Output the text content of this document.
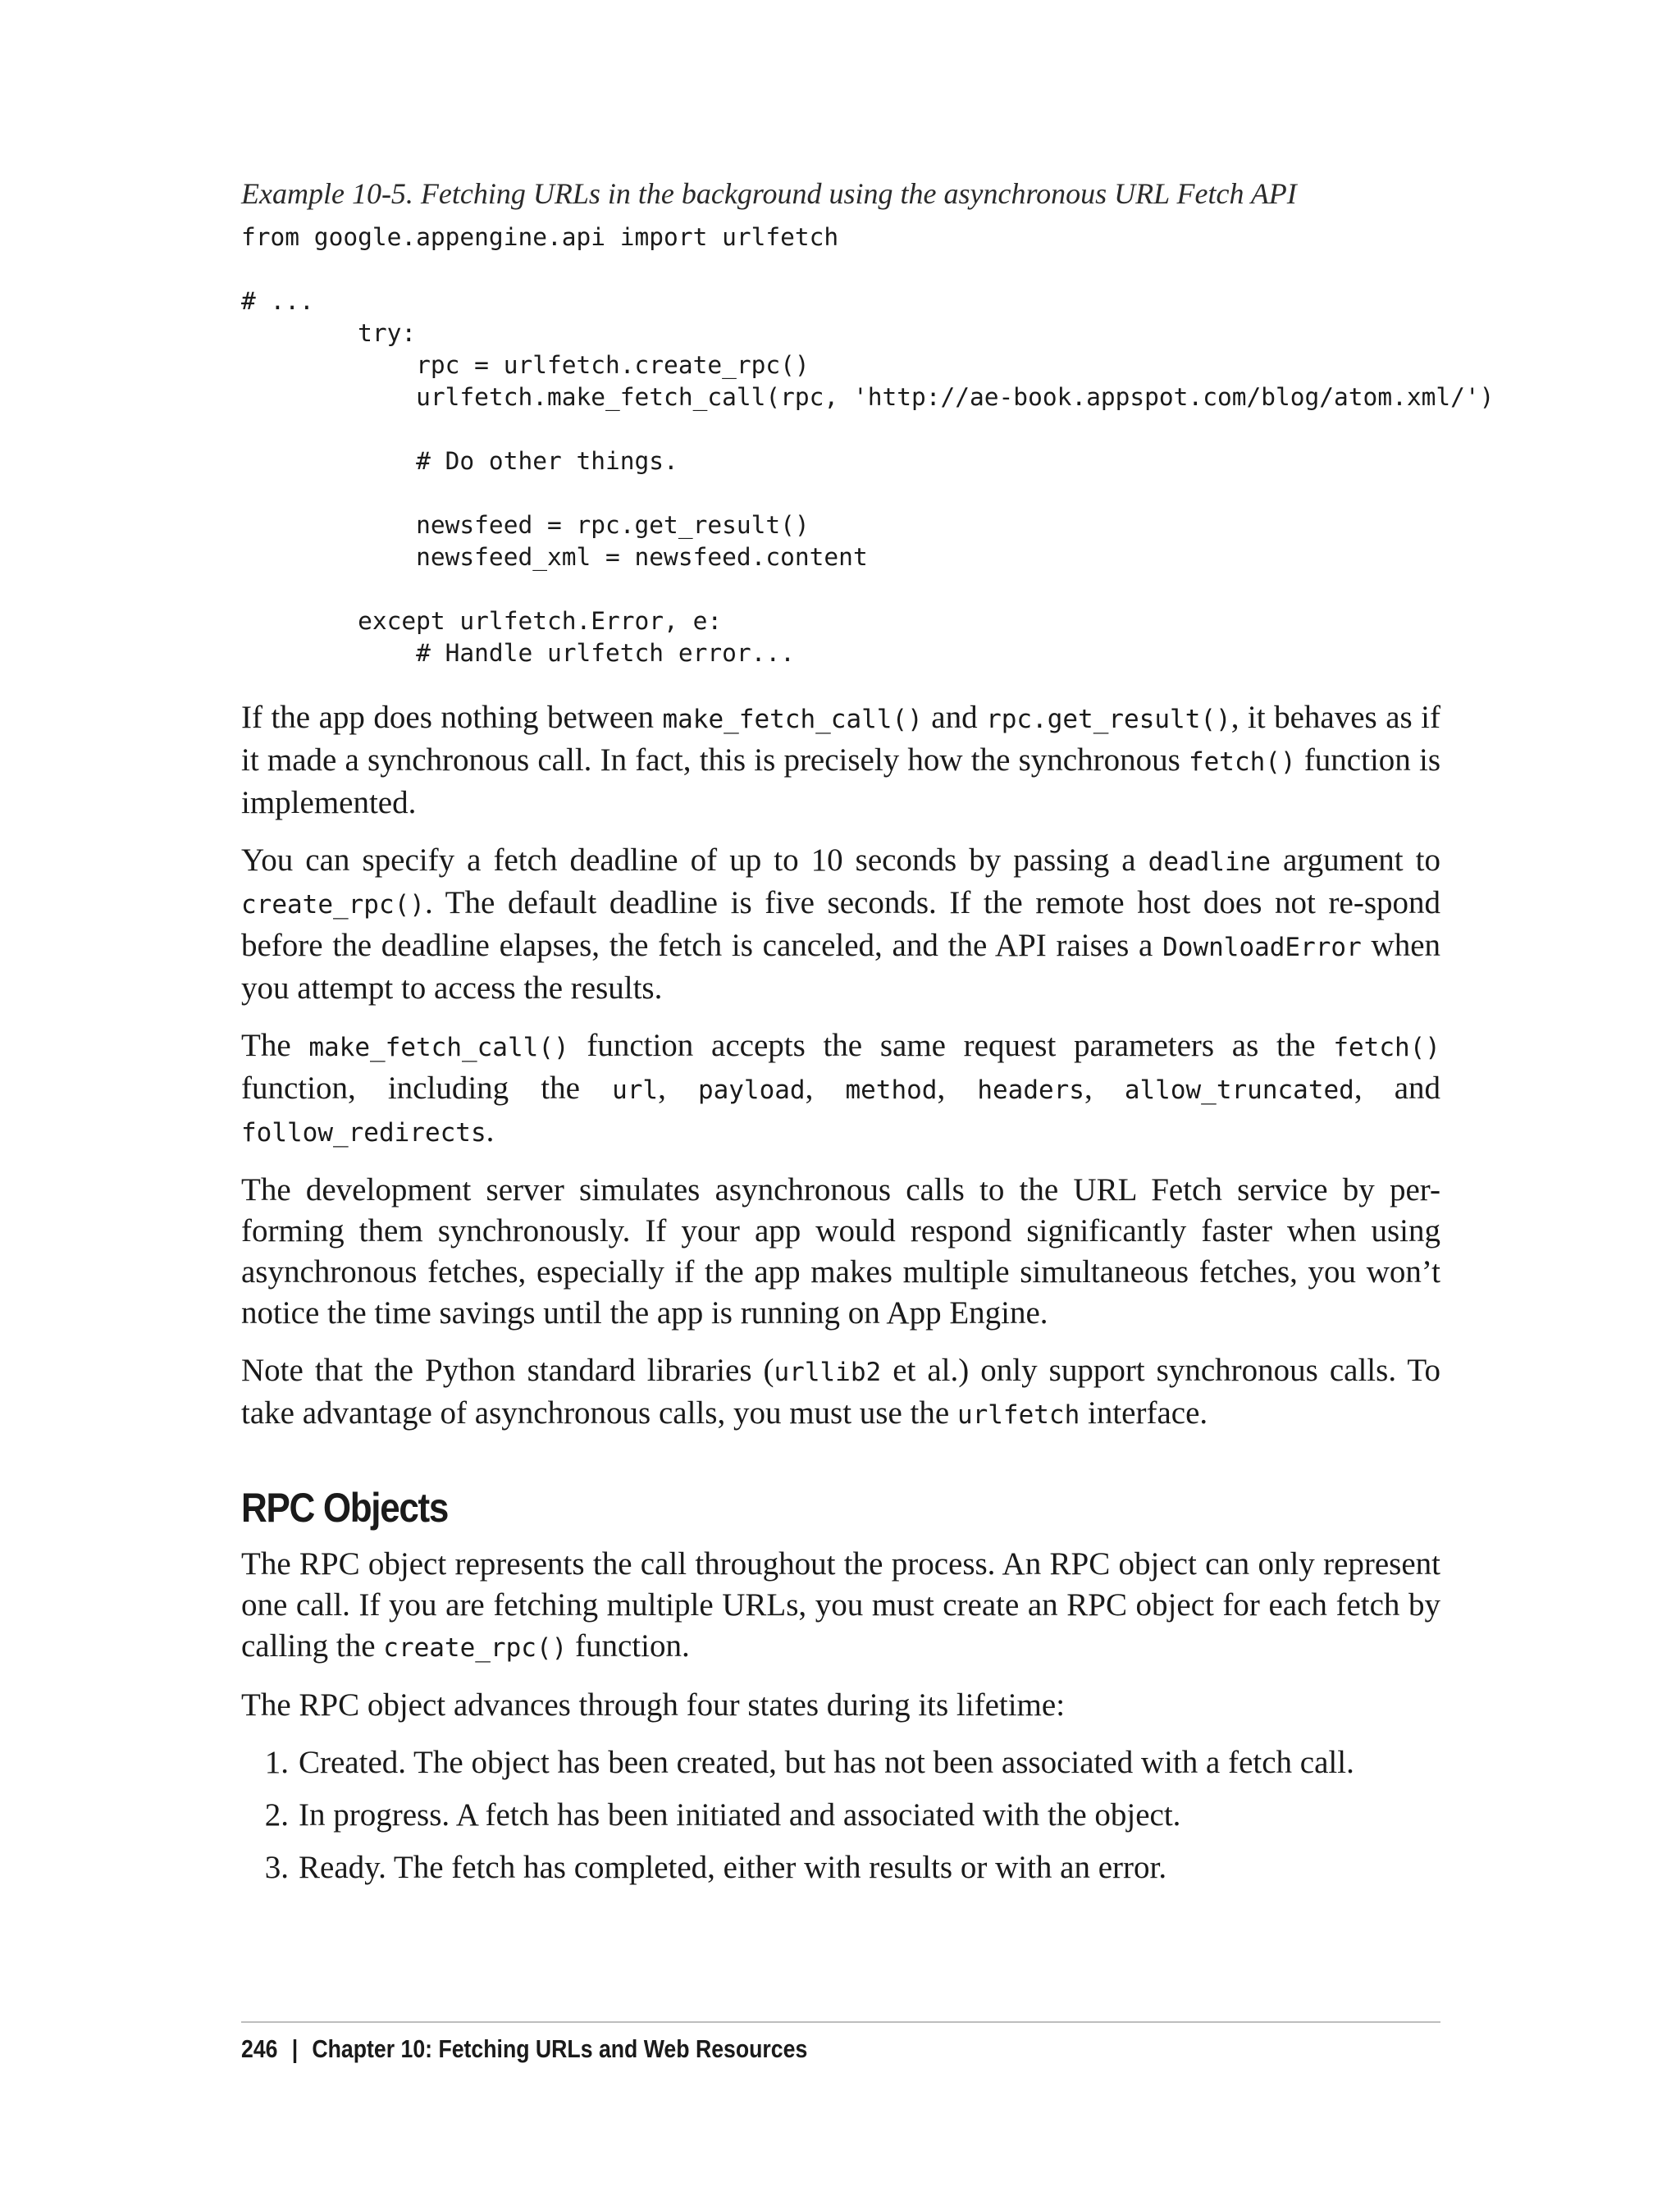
Example 10-5. Fetching URLs in the background using the asynchronous URL Fetch API
from google.appengine.api import urlfetch

# ...
try:
rpc = urlfetch.create_rpc()
urlfetch.make_fetch_call(rpc, 'http://ae-book.appspot.com/blog/atom.xml/')

# Do other things.

newsfeed = rpc.get_result()
newsfeed_xml = newsfeed.content

except urlfetch.Error, e:
# Handle urlfetch error...

If the app does nothing between make_fetch_call() and rpc.get_result(), it behaves as if it made a synchronous call. In fact, this is precisely how the synchronous fetch() function is implemented.

You can specify a fetch deadline of up to 10 seconds by passing a deadline argument to create_rpc(). The default deadline is five seconds. If the remote host does not re-spond before the deadline elapses, the fetch is canceled, and the API raises a DownloadError when you attempt to access the results.

The make_fetch_call() function accepts the same request parameters as the fetch() function, including the url, payload, method, headers, allow_truncated, and follow_redirects.

The development server simulates asynchronous calls to the URL Fetch service by per-forming them synchronously. If your app would respond significantly faster when using asynchronous fetches, especially if the app makes multiple simultaneous fetches, you won’t notice the time savings until the app is running on App Engine.

Note that the Python standard libraries (urllib2 et al.) only support synchronous calls. To take advantage of asynchronous calls, you must use the urlfetch interface.

RPC Objects

The RPC object represents the call throughout the process. An RPC object can only represent one call. If you are fetching multiple URLs, you must create an RPC object for each fetch by calling the create_rpc() function.

The RPC object advances through four states during its lifetime:

1. Created. The object has been created, but has not been associated with a fetch call.
2. In progress. A fetch has been initiated and associated with the object.
3. Ready. The fetch has completed, either with results or with an error.
246 | Chapter 10: Fetching URLs and Web Resources
